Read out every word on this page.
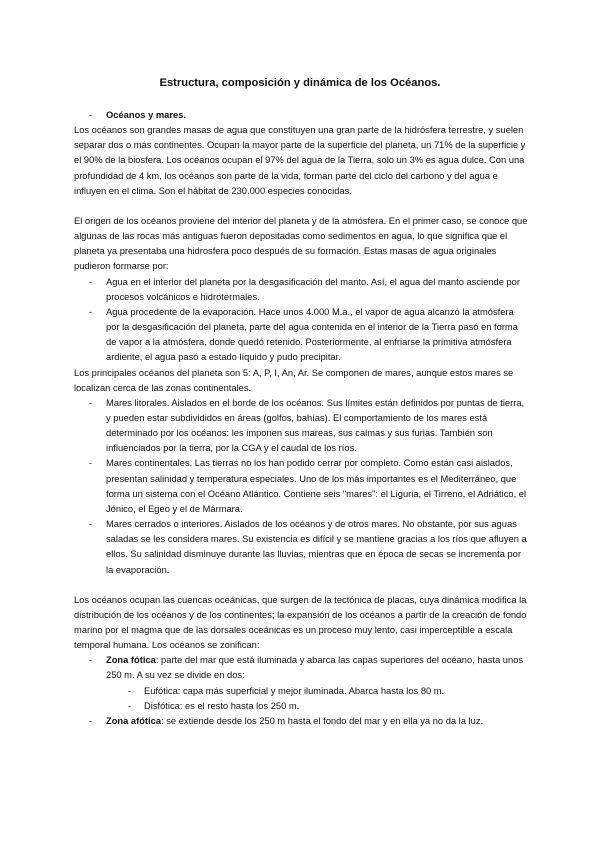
Estructura, composición y dinámica de los Océanos.
- Océanos y mares.

Los océanos son grandes masas de agua que constituyen una gran parte de la hidrósfera terrestre, y suelen separar dos o más continentes. Ocupan la mayor parte de la superficie del planeta, un 71% de la superficie y el 90% de la biosfera. Los océanos ocupan el 97% del agua de la Tierra, solo un 3% es agua dulce. Con una profundidad de 4 km, los océanos son parte de la vida, forman parte del ciclo del carbono y del agua e influyen en el clima. Son el hábitat de 230.000 especies conocidas.

El origen de los océanos proviene del interior del planeta y de la atmósfera. En el primer caso, se conoce que algunas de las rocas más antiguas fueron depositadas como sedimentos en agua, lo que significa que el planeta ya presentaba una hidrosfera poco después de su formación. Estas masas de agua originales pudieron formarse por:

- Agua en el interior del planeta por la desgasificación del manto. Así, el agua del manto asciende por procesos volcánicos e hidrotermales.
- Agua procedente de la evaporación. Hace unos 4.000 M.a., el vapor de agua alcanzó la atmósfera por la desgasificación del planeta, parte del agua contenida en el interior de la Tierra pasó en forma de vapor a la atmósfera, donde quedó retenido. Posteriormente, al enfriarse la primitiva atmósfera ardiente, el agua pasó a estado líquido y pudo precipitar.

Los principales océanos del planeta son 5: A, P, I, An, Ar. Se componen de mares, aunque estos mares se localizan cerca de las zonas continentales.

- Mares litorales. Aislados en el borde de los océanos. Sus límites están definidos por puntas de tierra, y pueden estar subdivididos en áreas (golfos, bahías). El comportamiento de los mares está determinado por los océanos: les imponen sus mareas, sus calmas y sus furias. También son influenciados por la tierra, por la CGA y el caudal de los ríos.
- Mares continentales. Las tierras no los han podido cerrar por completo. Como están casi aislados, presentan salinidad y temperatura especiales. Uno de los más importantes es el Mediterráneo, que forma un sistema con el Océano Atlántico. Contiene seis "mares": el Liguria, el Tirreno, el Adriático, el Jónico, el Egeo y el de Mármara.
- Mares cerrados o interiores. Aislados de los océanos y de otros mares. No obstante, por sus aguas saladas se les considera mares. Su existencia es difícil y se mantiene gracias a los ríos que afluyen a ellos. Su salinidad disminuye durante las lluvias, mientras que en época de secas se incrementa por la evaporación.

Los océanos ocupan las cuencas oceánicas, que surgen de la tectónica de placas, cuya dinámica modifica la distribución de los océanos y de los continentes; la expansión de los océanos a partir de la creación de fondo marino por el magma que de las dorsales oceánicas es un proceso muy lento, casi imperceptible a escala temporal humana. Los océanos se zonifican:

- Zona fótica: parte del mar que está iluminada y abarca las capas superiores del océano, hasta unos 250 m. A su vez se divide en dos:
- Eufótica: capa más superficial y mejor iluminada. Abarca hasta los 80 m.
- Disfótica: es el resto hasta los 250 m.
- Zona afótica: se extiende desde los 250 m hasta el fondo del mar y en ella ya no da la luz.
